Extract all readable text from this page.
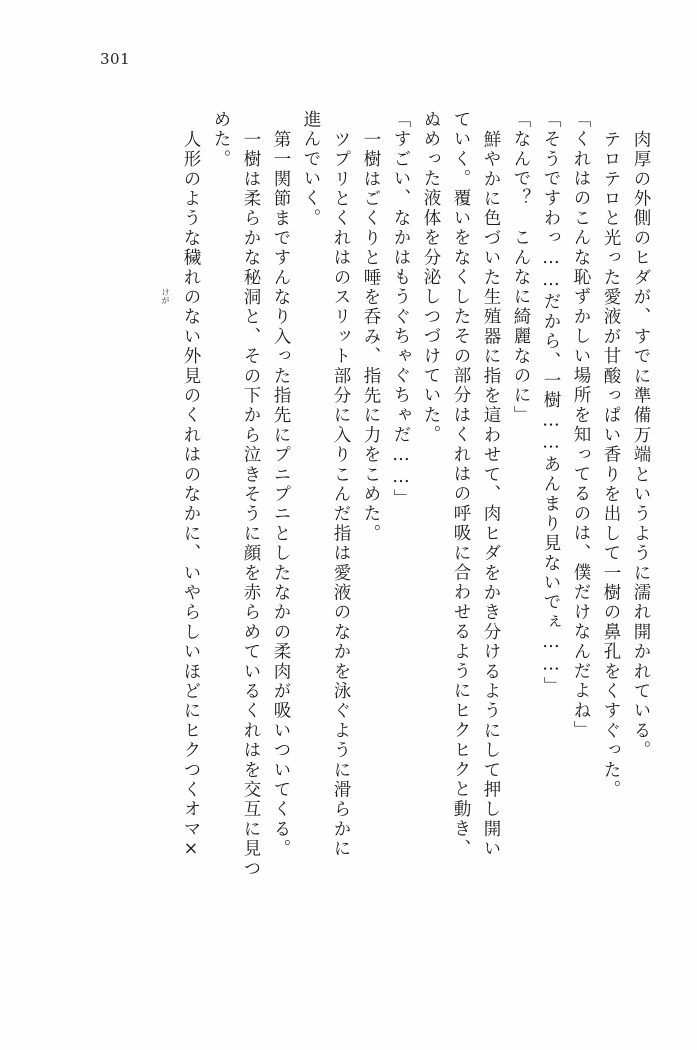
301
肉厚の外側のヒダが、すでに準備万端というように濡れ開かれている。
テロテロと光った愛液が甘酸っぱい香りを出して一樹の鼻孔をくすぐった。
「くれはのこんな恥ずかしい場所を知ってるのは、僕だけなんだよね」
「そうですわっ……だから、一樹……あんまり見ないでぇ……」
「なんで？　こんなに綺麗なのに」
鮮やかに色づいた生殖器に指を這わせて、肉ヒダをかき分けるようにして押し開い
ていく。覆いをなくしたその部分はくれはの呼吸に合わせるようにヒクヒクと動き、
ぬめった液体を分泌しつづけていた。
「すごい、なかはもうぐちゃぐちゃだ……」
一樹はごくりと唾を呑み、指先に力をこめた。
ツプリとくれはのスリット部分に入りこんだ指は愛液のなかを泳ぐように滑らかに
進んでいく。
第一関節まですんなり入った指先にプニプニとしたなかの柔肉が吸いついてくる。
一樹は柔らかな秘洞と、その下から泣きそうに顔を赤らめているくれはを交互に見つ
めた。
人形のような穢れのない外見のくれはのなかに、いやらしいほどにヒクつくオマ×
けが
